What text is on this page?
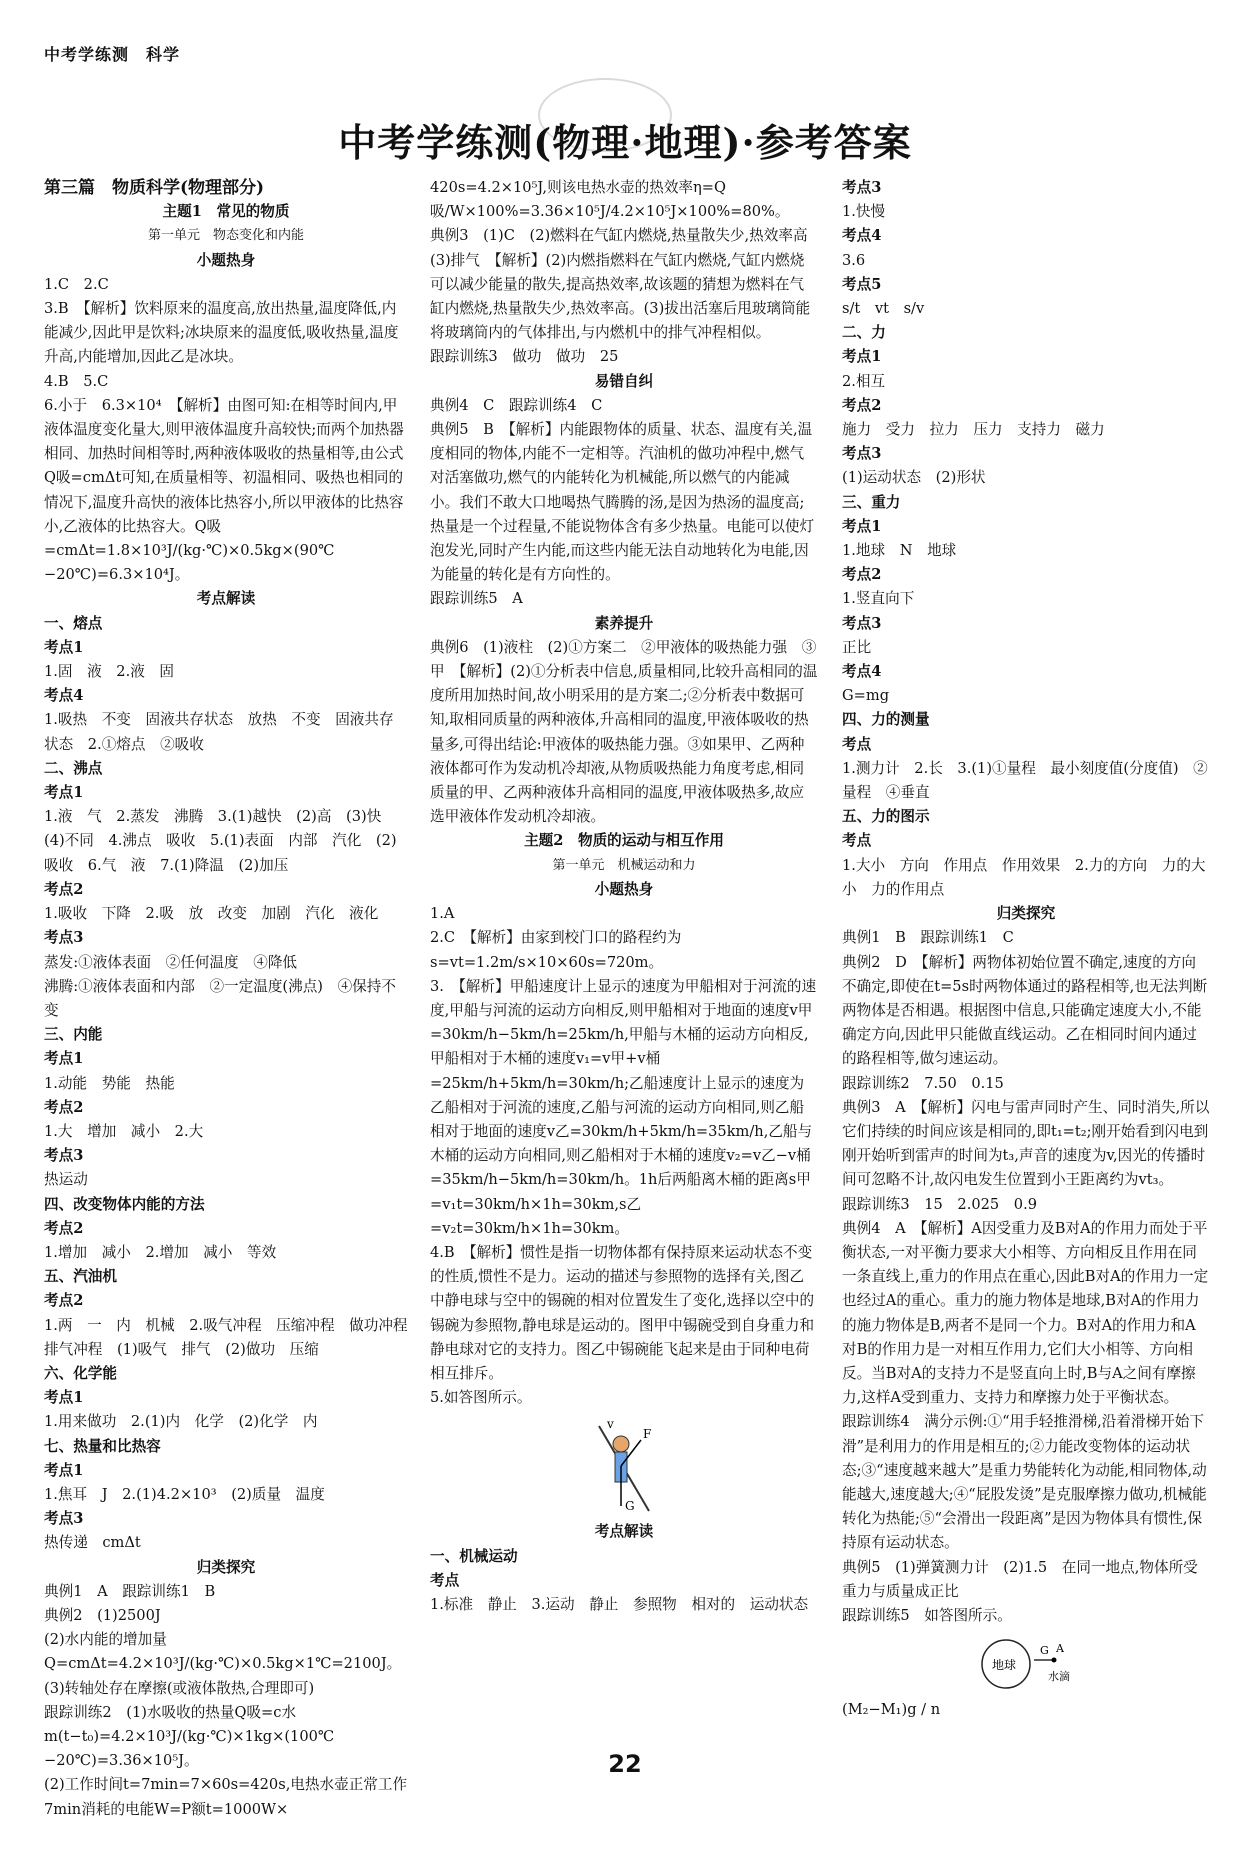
中考学练测　科学
中考学练测(物理·地理)·参考答案

第三篇　物质科学(物理部分)

主题1　常见的物质

第一单元　物态变化和内能

小题热身

1.C　2.C

3.B　【解析】饮料原来的温度高,放出热量,温度降低,内能减少,因此甲是饮料;冰块原来的温度低,吸收热量,温度升高,内能增加,因此乙是冰块。

4.B　5.C

6.小于　6.3×10⁴　【解析】由图可知:在相等时间内,甲液体温度变化量大,则甲液体温度升高较快;而两个加热器相同、加热时间相等时,两种液体吸收的热量相等,由公式Q吸=cmΔt可知,在质量相等、初温相同、吸热也相同的情况下,温度升高快的液体比热容小,所以甲液体的比热容小,乙液体的比热容大。Q吸=cmΔt=1.8×10³J/(kg·℃)×0.5kg×(90℃−20℃)=6.3×10⁴J。

考点解读

一、熔点

考点1

1.固　液　2.液　固

考点4

1.吸热　不变　固液共存状态　放热　不变　固液共存状态　2.①熔点　②吸收

二、沸点

考点1

1.液　气　2.蒸发　沸腾　3.(1)越快　(2)高　(3)快　(4)不同　4.沸点　吸收　5.(1)表面　内部　汽化　(2)吸收　6.气　液　7.(1)降温　(2)加压

考点2

1.吸收　下降　2.吸　放　改变　加剧　汽化　液化

考点3

蒸发:①液体表面　②任何温度　④降低

沸腾:①液体表面和内部　②一定温度(沸点)　④保持不变

三、内能

考点1

1.动能　势能　热能

考点2

1.大　增加　减小　2.大

考点3

热运动

四、改变物体内能的方法

考点2

1.增加　减小　2.增加　减小　等效

五、汽油机

考点2

1.两　一　内　机械　2.吸气冲程　压缩冲程　做功冲程　排气冲程　(1)吸气　排气　(2)做功　压缩

六、化学能

考点1

1.用来做功　2.(1)内　化学　(2)化学　内

七、热量和比热容

考点1

1.焦耳　J　2.(1)4.2×10³　(2)质量　温度

考点3

热传递　cmΔt

归类探究

典例1　A　跟踪训练1　B

典例2　(1)2500J

(2)水内能的增加量Q=cmΔt=4.2×10³J/(kg·℃)×0.5kg×1℃=2100J。

(3)转轴处存在摩擦(或液体散热,合理即可)

跟踪训练2　(1)水吸收的热量Q吸=c水m(t−t₀)=4.2×10³J/(kg·℃)×1kg×(100℃−20℃)=3.36×10⁵J。

(2)工作时间t=7min=7×60s=420s,电热水壶正常工作7min消耗的电能W=P额t=1000W×

420s=4.2×10⁵J,则该电热水壶的热效率η=Q吸/W×100%=3.36×10⁵J/4.2×10⁵J×100%=80%。

典例3　(1)C　(2)燃料在气缸内燃烧,热量散失少,热效率高　(3)排气　【解析】(2)内燃指燃料在气缸内燃烧,气缸内燃烧可以减少能量的散失,提高热效率,故该题的猜想为燃料在气缸内燃烧,热量散失少,热效率高。(3)拔出活塞后甩玻璃筒能将玻璃筒内的气体排出,与内燃机中的排气冲程相似。

跟踪训练3　做功　做功　25

易错自纠

典例4　C　跟踪训练4　C

典例5　B　【解析】内能跟物体的质量、状态、温度有关,温度相同的物体,内能不一定相等。汽油机的做功冲程中,燃气对活塞做功,燃气的内能转化为机械能,所以燃气的内能减小。我们不敢大口地喝热气腾腾的汤,是因为热汤的温度高;热量是一个过程量,不能说物体含有多少热量。电能可以使灯泡发光,同时产生内能,而这些内能无法自动地转化为电能,因为能量的转化是有方向性的。

跟踪训练5　A

素养提升

典例6　(1)液柱　(2)①方案二　②甲液体的吸热能力强　③甲　【解析】(2)①分析表中信息,质量相同,比较升高相同的温度所用加热时间,故小明采用的是方案二;②分析表中数据可知,取相同质量的两种液体,升高相同的温度,甲液体吸收的热量多,可得出结论:甲液体的吸热能力强。③如果甲、乙两种液体都可作为发动机冷却液,从物质吸热能力角度考虑,相同质量的甲、乙两种液体升高相同的温度,甲液体吸热多,故应选甲液体作发动机冷却液。

主题2　物质的运动与相互作用

第一单元　机械运动和力

小题热身

1.A

2.C　【解析】由家到校门口的路程约为s=vt=1.2m/s×10×60s=720m。

3.　【解析】甲船速度计上显示的速度为甲船相对于河流的速度,甲船与河流的运动方向相反,则甲船相对于地面的速度v甲=30km/h−5km/h=25km/h,甲船与木桶的运动方向相反,甲船相对于木桶的速度v₁=v甲+v桶=25km/h+5km/h=30km/h;乙船速度计上显示的速度为乙船相对于河流的速度,乙船与河流的运动方向相同,则乙船相对于地面的速度v乙=30km/h+5km/h=35km/h,乙船与木桶的运动方向相同,则乙船相对于木桶的速度v₂=v乙−v桶=35km/h−5km/h=30km/h。1h后两船离木桶的距离s甲=v₁t=30km/h×1h=30km,s乙=v₂t=30km/h×1h=30km。

4.B　【解析】惯性是指一切物体都有保持原来运动状态不变的性质,惯性不是力。运动的描述与参照物的选择有关,图乙中静电球与空中的锡碗的相对位置发生了变化,选择以空中的锡碗为参照物,静电球是运动的。图甲中锡碗受到自身重力和静电球对它的支持力。图乙中锡碗能飞起来是由于同种电荷相互排斥。

5.如答图所示。

v
F
G

考点解读

一、机械运动

考点

1.标准　静止　3.运动　静止　参照物　相对的　运动状态

考点3

1.快慢

考点4

3.6

考点5

s/t　vt　s/v

二、力

考点1

2.相互

考点2

施力　受力　拉力　压力　支持力　磁力

考点3

(1)运动状态　(2)形状

三、重力

考点1

1.地球　N　地球

考点2

1.竖直向下

考点3

正比

考点4

G=mg

四、力的测量

考点

1.测力计　2.长　3.(1)①量程　最小刻度值(分度值)　②量程　④垂直

五、力的图示

考点

1.大小　方向　作用点　作用效果　2.力的方向　力的大小　力的作用点

归类探究

典例1　B　跟踪训练1　C

典例2　D　【解析】两物体初始位置不确定,速度的方向不确定,即使在t=5s时两物体通过的路程相等,也无法判断两物体是否相遇。根据图中信息,只能确定速度大小,不能确定方向,因此甲只能做直线运动。乙在相同时间内通过的路程相等,做匀速运动。

跟踪训练2　7.50　0.15

典例3　A　【解析】闪电与雷声同时产生、同时消失,所以它们持续的时间应该是相同的,即t₁=t₂;刚开始看到闪电到刚开始听到雷声的时间为t₃,声音的速度为v,因光的传播时间可忽略不计,故闪电发生位置到小王距离约为vt₃。

跟踪训练3　15　2.025　0.9

典例4　A　【解析】A因受重力及B对A的作用力而处于平衡状态,一对平衡力要求大小相等、方向相反且作用在同一条直线上,重力的作用点在重心,因此B对A的作用力一定也经过A的重心。重力的施力物体是地球,B对A的作用力的施力物体是B,两者不是同一个力。B对A的作用力和A对B的作用力是一对相互作用力,它们大小相等、方向相反。当B对A的支持力不是竖直向上时,B与A之间有摩擦力,这样A受到重力、支持力和摩擦力处于平衡状态。

跟踪训练4　满分示例:①“用手轻推滑梯,沿着滑梯开始下滑”是利用力的作用是相互的;②力能改变物体的运动状态;③“速度越来越大”是重力势能转化为动能,相同物体,动能越大,速度越大;④“屁股发烫”是克服摩擦力做功,机械能转化为热能;⑤“会滑出一段距离”是因为物体具有惯性,保持原有运动状态。

典例5　(1)弹簧测力计　(2)1.5　在同一地点,物体所受重力与质量成正比

跟踪训练5　如答图所示。

地球
G A
水滴

(M₂−M₁)g / n

22
